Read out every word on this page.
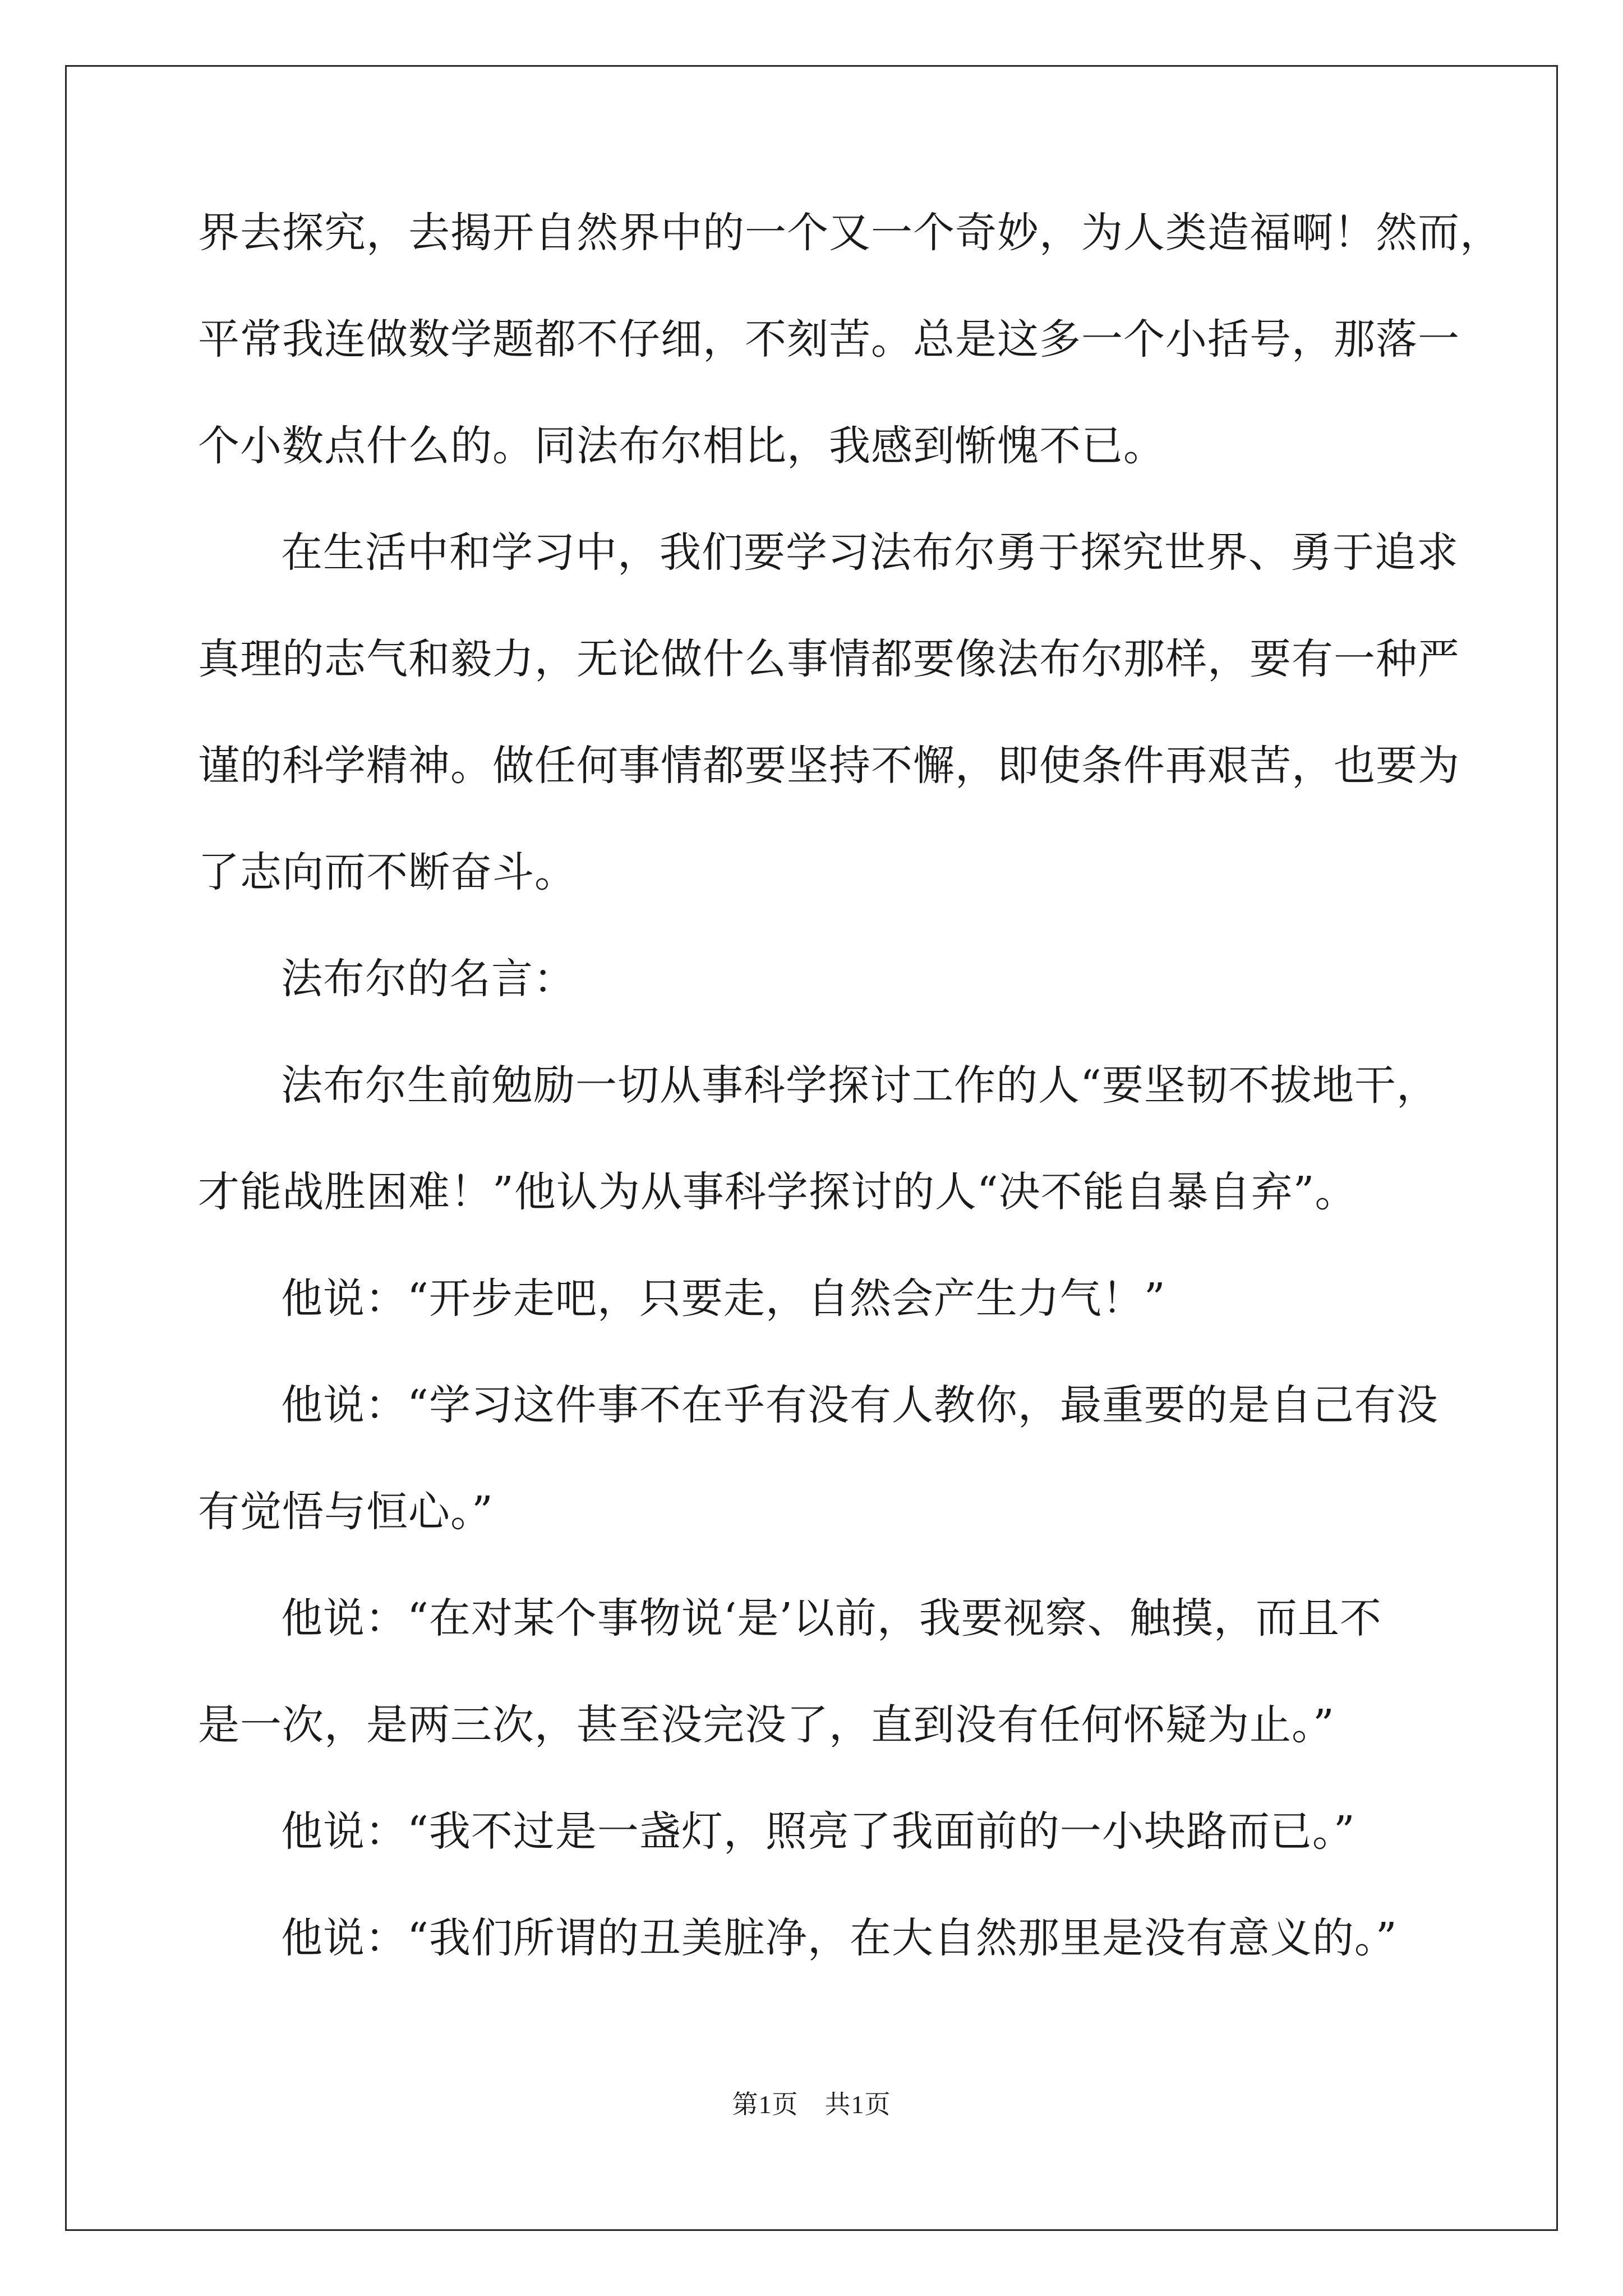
界去探究，去揭开自然界中的一个又一个奇妙，为人类造福啊！然而，
平常我连做数学题都不仔细，不刻苦。总是这多一个小括号，那落一
个小数点什么的。同法布尔相比，我感到惭愧不已。
在生活中和学习中，我们要学习法布尔勇于探究世界、勇于追求
真理的志气和毅力，无论做什么事情都要像法布尔那样，要有一种严
谨的科学精神。做任何事情都要坚持不懈，即使条件再艰苦，也要为
了志向而不断奋斗。
法布尔的名言：
法布尔生前勉励一切从事科学探讨工作的人“要坚韧不拔地干，
才能战胜困难！”他认为从事科学探讨的人“决不能自暴自弃”。
他说：“开步走吧，只要走，自然会产生力气！”
他说：“学习这件事不在乎有没有人教你，最重要的是自己有没
有觉悟与恒心。”
他说：“在对某个事物说‘是’以前，我要视察、触摸，而且不
是一次，是两三次，甚至没完没了，直到没有任何怀疑为止。”
他说：“我不过是一盏灯，照亮了我面前的一小块路而已。”
他说：“我们所谓的丑美脏净，在大自然那里是没有意义的。”
第1页　共1页
